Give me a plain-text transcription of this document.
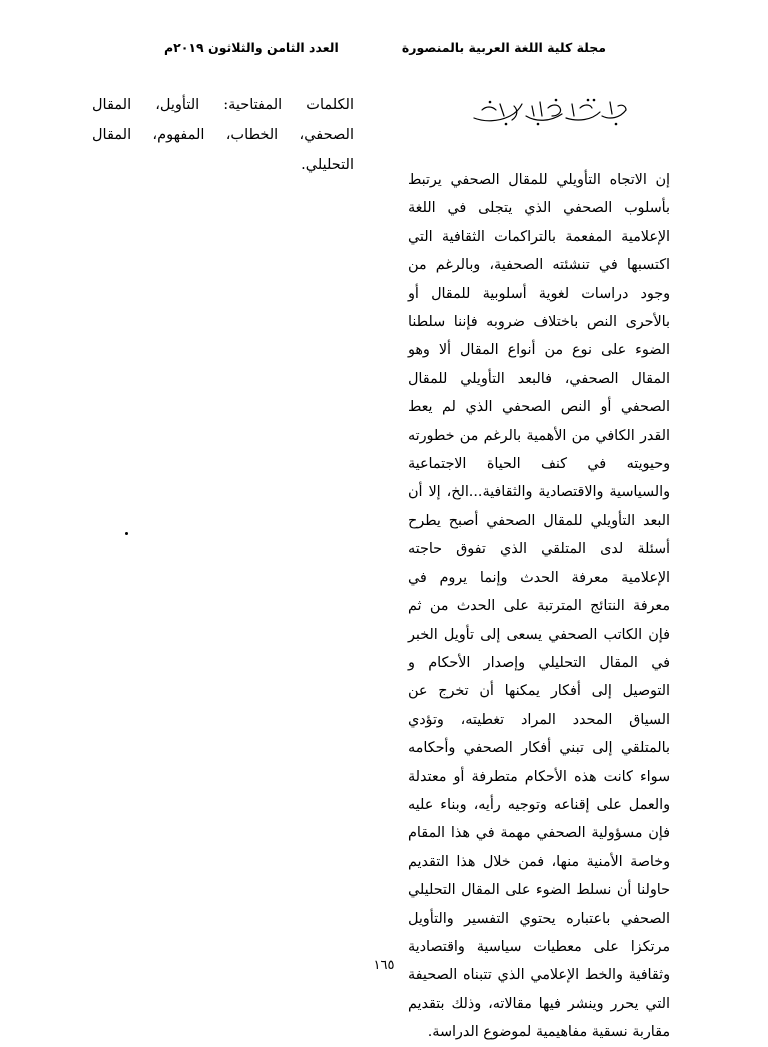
مجلة كلية اللغة العربية بالمنصورة
العدد الثامن والثلاثون ٢٠١٩م
الكلمات المفتاحية: التأويل، المقال الصحفي، الخطاب، المفهوم، المقال التحليلي.
إن الاتجاه التأويلي للمقال الصحفي يرتبط بأسلوب الصحفي الذي يتجلى في اللغة الإعلامية المفعمة بالتراكمات الثقافية التي اكتسبها في تنشئته الصحفية، وبالرغم من وجود دراسات لغوية أسلوبية للمقال أو بالأحرى النص باختلاف ضروبه فإننا سلطنا الضوء على نوع من أنواع المقال ألا وهو المقال الصحفي، فالبعد التأويلي للمقال الصحفي أو النص الصحفي الذي لم يعط القدر الكافي من الأهمية بالرغم من خطورته وحيويته في كنف الحياة الاجتماعية والسياسية والاقتصادية والثقافية...الخ، إلا أن البعد التأويلي للمقال الصحفي أصبح يطرح أسئلة لدى المتلقي الذي تفوق حاجته الإعلامية معرفة الحدث وإنما يروم في معرفة النتائج المترتبة على الحدث من ثم فإن الكاتب الصحفي يسعى إلى تأويل الخبر في المقال التحليلي وإصدار الأحكام و التوصيل إلى أفكار يمكنها أن تخرج عن السياق المحدد المراد تغطيته، وتؤدي بالمتلقي إلى تبني أفكار الصحفي وأحكامه سواء كانت هذه الأحكام متطرفة أو معتدلة والعمل على إقناعه وتوجيه رأيه، وبناء عليه فإن مسؤولية الصحفي مهمة في هذا المقام وخاصة الأمنية منها، فمن خلال هذا التقديم حاولنا أن نسلط الضوء على المقال التحليلي الصحفي باعتباره يحتوي التفسير والتأويل مرتكزا على معطيات سياسية واقتصادية وثقافية والخط الإعلامي الذي تتبناه الصحيفة التي يحرر وينشر فيها مقالاته، وذلك بتقديم مقاربة نسقية مفاهيمية لموضوع الدراسة.
١٦٥
